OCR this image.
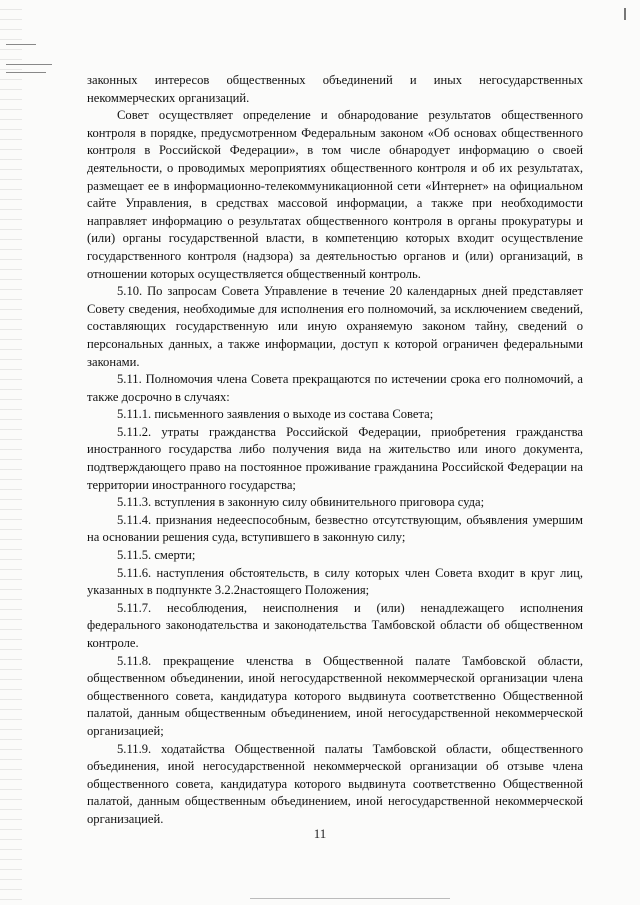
законных интересов общественных объединений и иных негосударственных некоммерческих организаций.

Совет осуществляет определение и обнародование результатов общественного контроля в порядке, предусмотренном Федеральным законом «Об основах общественного контроля в Российской Федерации», в том числе обнародует информацию о своей деятельности, о проводимых мероприятиях общественного контроля и об их результатах, размещает ее в информационно-телекоммуникационной сети «Интернет» на официальном сайте Управления, в средствах массовой информации, а также при необходимости направляет информацию о результатах общественного контроля в органы прокуратуры и (или) органы государственной власти, в компетенцию которых входит осуществление государственного контроля (надзора) за деятельностью органов и (или) организаций, в отношении которых осуществляется общественный контроль.

5.10. По запросам Совета Управление в течение 20 календарных дней представляет Совету сведения, необходимые для исполнения его полномочий, за исключением сведений, составляющих государственную или иную охраняемую законом тайну, сведений о персональных данных, а также информации, доступ к которой ограничен федеральными законами.

5.11. Полномочия члена Совета прекращаются по истечении срока его полномочий, а также досрочно в случаях:

5.11.1. письменного заявления о выходе из состава Совета;

5.11.2. утраты гражданства Российской Федерации, приобретения гражданства иностранного государства либо получения вида на жительство или иного документа, подтверждающего право на постоянное проживание гражданина Российской Федерации на территории иностранного государства;

5.11.3. вступления в законную силу обвинительного приговора суда;

5.11.4. признания недееспособным, безвестно отсутствующим, объявления умершим на основании решения суда, вступившего в законную силу;

5.11.5. смерти;

5.11.6. наступления обстоятельств, в силу которых член Совета входит в круг лиц, указанных в подпункте 3.2.2настоящего Положения;

5.11.7. несоблюдения, неисполнения и (или) ненадлежащего исполнения федерального законодательства и законодательства Тамбовской области об общественном контроле.

5.11.8. прекращение членства в Общественной палате Тамбовской области, общественном объединении, иной негосударственной некоммерческой организации члена общественного совета, кандидатура которого выдвинута соответственно Общественной палатой, данным общественным объединением, иной негосударственной некоммерческой организацией;

5.11.9. ходатайства Общественной палаты Тамбовской области, общественного объединения, иной негосударственной некоммерческой организации об отзыве члена общественного совета, кандидатура которого выдвинута соответственно Общественной палатой, данным общественным объединением, иной негосударственной некоммерческой организацией.

11
